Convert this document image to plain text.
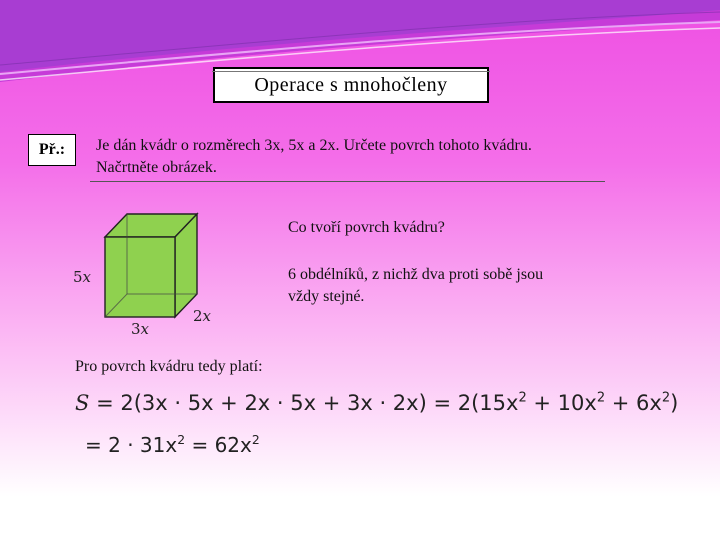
Operace s mnohočleny
Př.: Je dán kvádr o rozměrech 3x, 5x a 2x. Určete povrch tohoto kvádru.
Načrtněte obrázek.
5𝑥
3𝑥
2𝑥
Co tvoří povrch kvádru?
6 obdélníků, z nichž dva proti sobě jsou vždy stejné.
Pro povrch kvádru tedy platí:
$S = 2(3x \cdot 5x + 2x \cdot 5x + 3x \cdot 2x) = 2(15x^2 + 10x^2 + 6x^2)$
= $2 \cdot 31x^2 = 62x^2$
